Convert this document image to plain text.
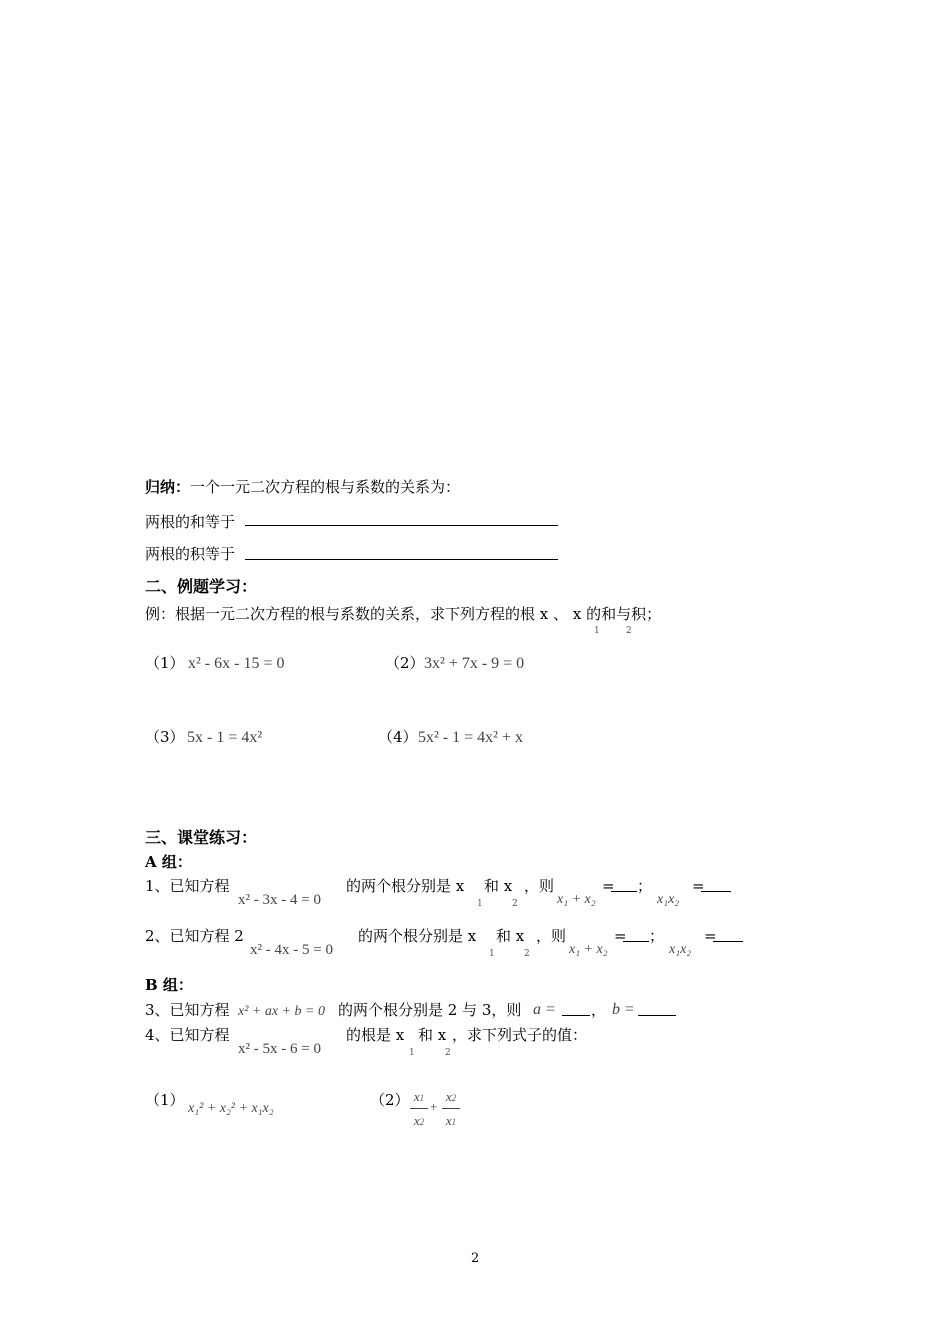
归纳：一个一元二次方程的根与系数的关系为：
两根的和等于
两根的积等于
二、例题学习：
例：根据一元二次方程的根与系数的关系，求下列方程的根 x 、 x 的和与积；
1	2
（1） x² - 6x - 15 = 0	（2） 3x² + 7x - 9 = 0
（3） 5x - 1 = 4x²	（4） 5x² - 1 = 4x² + x
三、课堂练习：
A 组：
1、已知方程
x² - 3x - 4 = 0
的两个根分别是 x 和 x ，则
1	2	x₁ + x₂
= ；
x₁x₂
=
2、已知方程 2
x² - 4x - 5 = 0
的两个根分别是 x 和 x ，则
1	2	x₁ + x₂
= ；
x₁x₂
=
B 组：
3、已知方程 x² + ax + b = 0 的两个根分别是 2 与 3，则 a = ， b =
4、已知方程
x² - 5x - 6 = 0
的根是 x 和 x
1	2
，求下列式子的值：
（1） x₁² + x₂² + x₁x₂	（2） x1
x2
+
x2
x1
2
